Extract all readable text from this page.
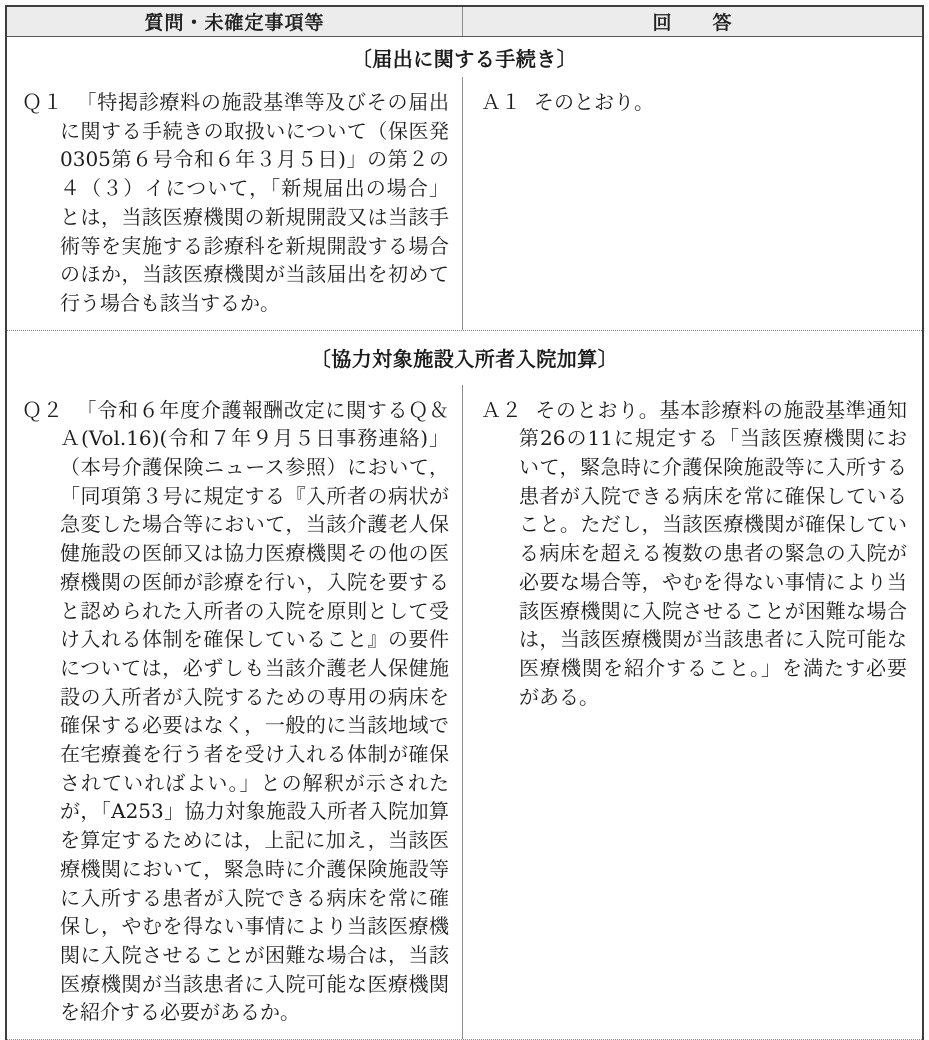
質問・未確定事項等	回　　答
〔届出に関する手続き〕

Ｑ１ 「特掲診療料の施設基準等及びその届出に関する手続きの取扱いについて（保医発0305第６号令和６年３月５日)」の第２の４（３）イについて，「新規届出の場合」とは，当該医療機関の新規開設又は当該手術等を実施する診療科を新規開設する場合のほか，当該医療機関が当該届出を初めて行う場合も該当するか。

Ａ１ そのとおり。

〔協力対象施設入所者入院加算〕

Ｑ２ 「令和６年度介護報酬改定に関するＱ＆Ａ(Vol.16)(令和７年９月５日事務連絡)」（本号介護保険ニュース参照）において，「同項第３号に規定する『入所者の病状が急変した場合等において，当該介護老人保健施設の医師又は協力医療機関その他の医療機関の医師が診療を行い，入院を要すると認められた入所者の入院を原則として受け入れる体制を確保していること』の要件については，必ずしも当該介護老人保健施設の入所者が入院するための専用の病床を確保する必要はなく，一般的に当該地域で在宅療養を行う者を受け入れる体制が確保されていればよい。」との解釈が示されたが，「A253」協力対象施設入所者入院加算を算定するためには，上記に加え，当該医療機関において，緊急時に介護保険施設等に入所する患者が入院できる病床を常に確保し，やむを得ない事情により当該医療機関に入院させることが困難な場合は，当該医療機関が当該患者に入院可能な医療機関を紹介する必要があるか。

Ａ２ そのとおり。基本診療料の施設基準通知第26の11に規定する「当該医療機関において，緊急時に介護保険施設等に入所する患者が入院できる病床を常に確保していること。ただし，当該医療機関が確保している病床を超える複数の患者の緊急の入院が必要な場合等，やむを得ない事情により当該医療機関に入院させることが困難な場合は，当該医療機関が当該患者に入院可能な医療機関を紹介すること。」を満たす必要がある。
